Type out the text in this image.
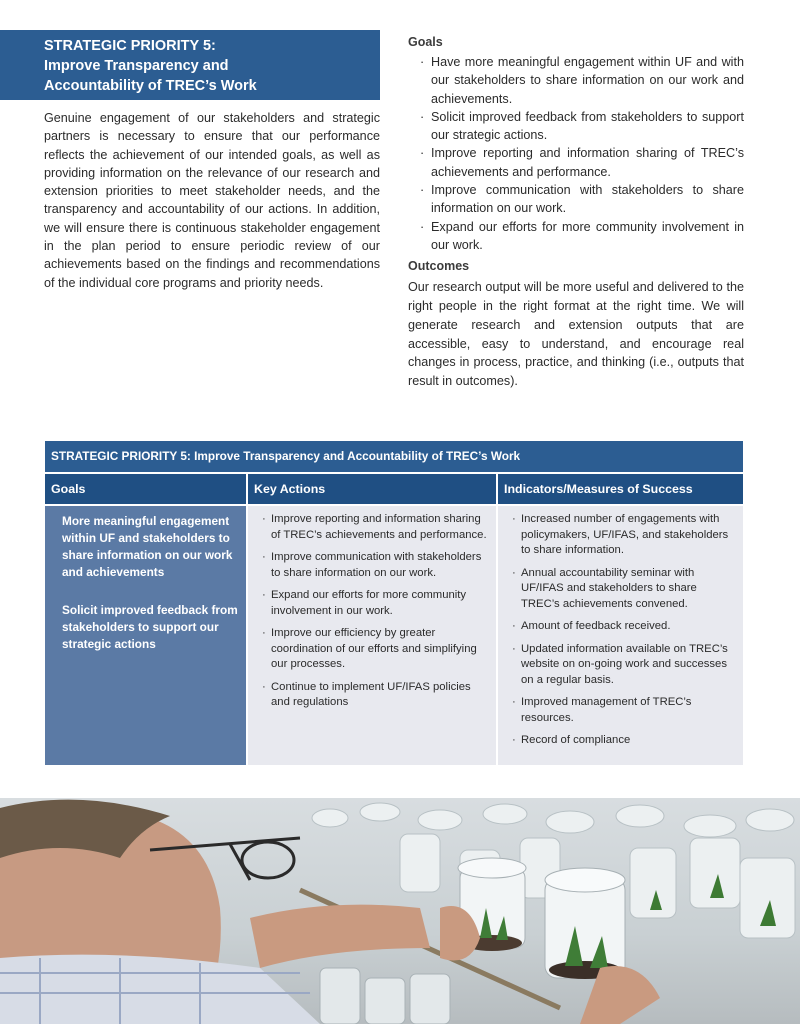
STRATEGIC PRIORITY 5:
Improve Transparency and
Accountability of TREC’s Work

Genuine engagement of our stakeholders and strategic partners is necessary to ensure that our performance reflects the achievement of our intended goals, as well as providing information on the relevance of our research and extension priorities to meet stakeholder needs, and the transparency and accountability of our actions. In addition, we will ensure there is continuous stakeholder engagement in the plan period to ensure periodic review of our achievements based on the findings and recommendations of the individual core programs and priority needs.

Goals
· Have more meaningful engagement within UF and with our stakeholders to share information on our work and achievements.
· Solicit improved feedback from stakeholders to support our strategic actions.
· Improve reporting and information sharing of TREC’s achievements and performance.
· Improve communication with stakeholders to share information on our work.
· Expand our efforts for more community involvement in our work.
Outcomes

Our research output will be more useful and delivered to the right people in the right format at the right time. We will generate research and extension outputs that are accessible, easy to understand, and encourage real changes in process, practice, and thinking (i.e., outputs that result in outcomes).

STRATEGIC PRIORITY 5: Improve Transparency and Accountability of TREC’s Work
Goals	Key Actions	Indicators/Measures of Success

More meaningful engagement within UF and stakeholders to share information on our work and achievements

Solicit improved feedback from stakeholders to support our strategic actions

· Improve reporting and information sharing of TREC’s achievements and performance.
· Improve communication with stakeholders to share information on our work.
· Expand our efforts for more community involvement in our work.
· Improve our efficiency by greater coordination of our efforts and simplifying our processes.
· Continue to implement UF/IFAS policies and regulations
· Increased number of engagements with policymakers, UF/IFAS, and stakeholders to share information.
· Annual accountability seminar with UF/IFAS and stakeholders to share TREC’s achievements convened.
· Amount of feedback received.
· Updated information available on TREC’s website on on-going work and successes on a regular basis.
· Improved management of TREC’s resources.
· Record of compliance
